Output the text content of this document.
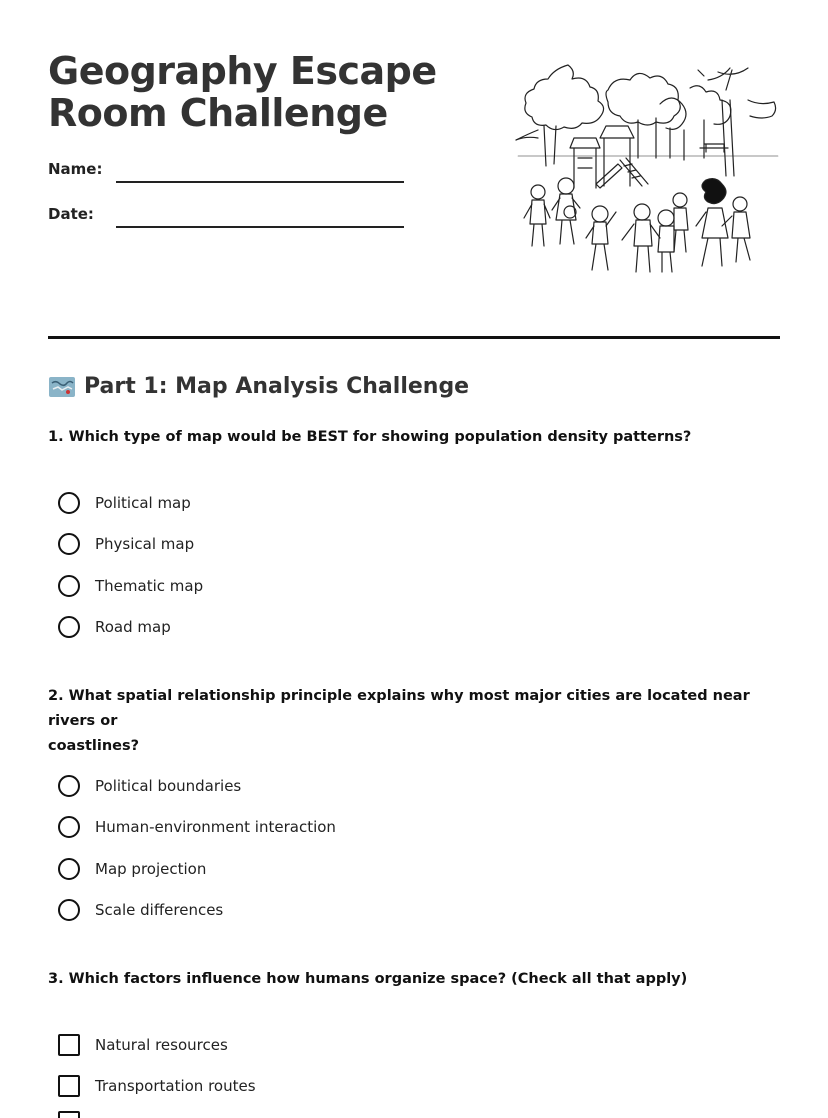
Geography Escape
Room Challenge
Name:
Date:
Part 1: Map Analysis Challenge
1. Which type of map would be BEST for showing population density patterns?
Political map
Physical map
Thematic map
Road map
2. What spatial relationship principle explains why most major cities are located near rivers or
coastlines?
Political boundaries
Human-environment interaction
Map projection
Scale differences
3. Which factors influence how humans organize space? (Check all that apply)
Natural resources
Transportation routes
